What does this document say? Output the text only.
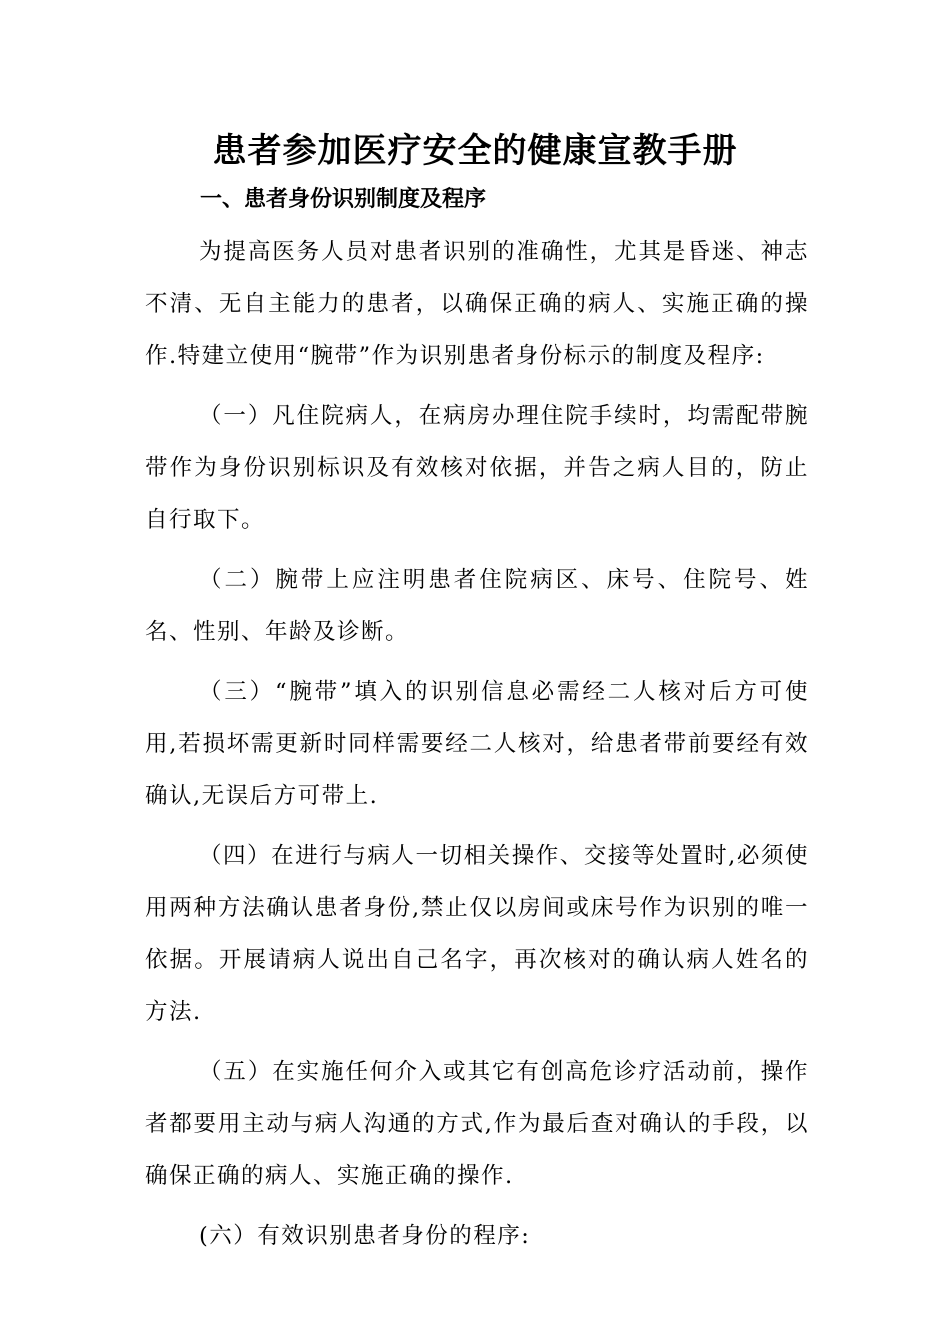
患者参加医疗安全的健康宣教手册
一、患者身份识别制度及程序

为提高医务人员对患者识别的准确性，尤其是昏迷、神志不清、无自主能力的患者，以确保正确的病人、实施正确的操作.特建立使用“腕带”作为识别患者身份标示的制度及程序:

（一）凡住院病人，在病房办理住院手续时，均需配带腕带作为身份识别标识及有效核对依据，并告之病人目的，防止自行取下。

（二）腕带上应注明患者住院病区、床号、住院号、姓名、性别、年龄及诊断。

（三）“腕带”填入的识别信息必需经二人核对后方可使用,若损坏需更新时同样需要经二人核对，给患者带前要经有效确认,无误后方可带上.

（四）在进行与病人一切相关操作、交接等处置时,必须使用两种方法确认患者身份,禁止仅以房间或床号作为识别的唯一依据。开展请病人说出自己名字，再次核对的确认病人姓名的方法.

（五）在实施任何介入或其它有创高危诊疗活动前，操作者都要用主动与病人沟通的方式,作为最后查对确认的手段，以确保正确的病人、实施正确的操作.

(六）有效识别患者身份的程序:
